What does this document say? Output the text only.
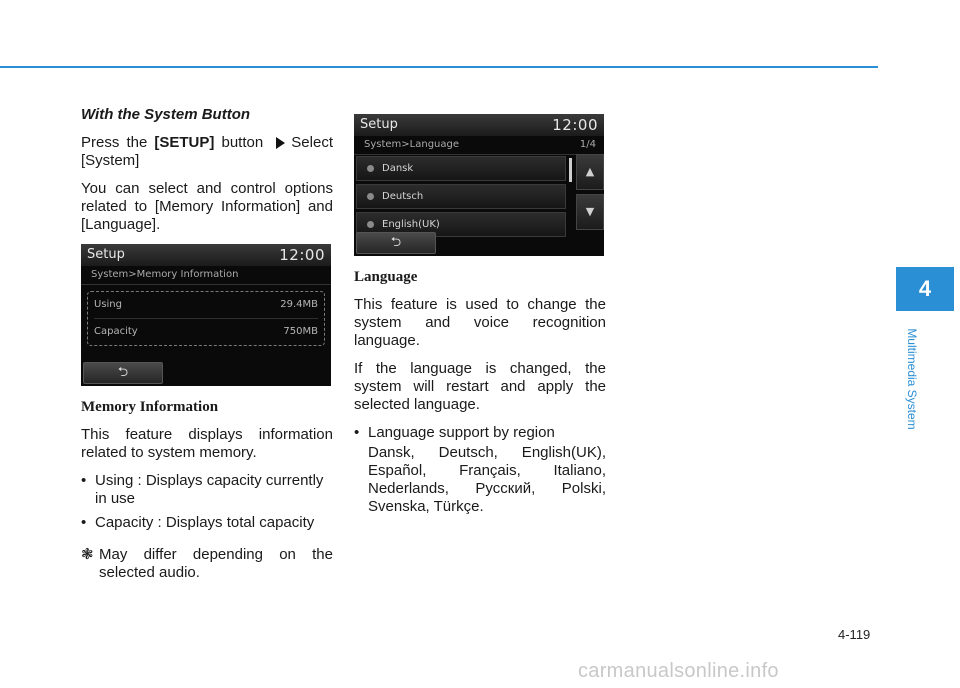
With the System Button

Press the [SETUP] button Select [System]

You can select and control options related to [Memory Information] and [Language].

Setup	12:00
System>Memory Information
Using	29.4MB
Capacity	750MB
⮌

Memory Information

This feature displays information related to system memory.

• Using : Displays capacity currently in use
• Capacity : Displays total capacity
❃ May differ depending on the selected audio.
Setup	12:00
System>Language	1/4
Dansk
Deutsch
English(UK)
▲
▼
⮌

Language

This feature is used to change the system and voice recognition language.

If the language is changed, the system will restart and apply the selected language.

• Language support by region

Dansk, Deutsch, English(UK), Español, Français, Italiano, Nederlands, Русский, Polski, Svenska, Türkçe.

4
Multimedia System
4-119
carmanualsonline.info
